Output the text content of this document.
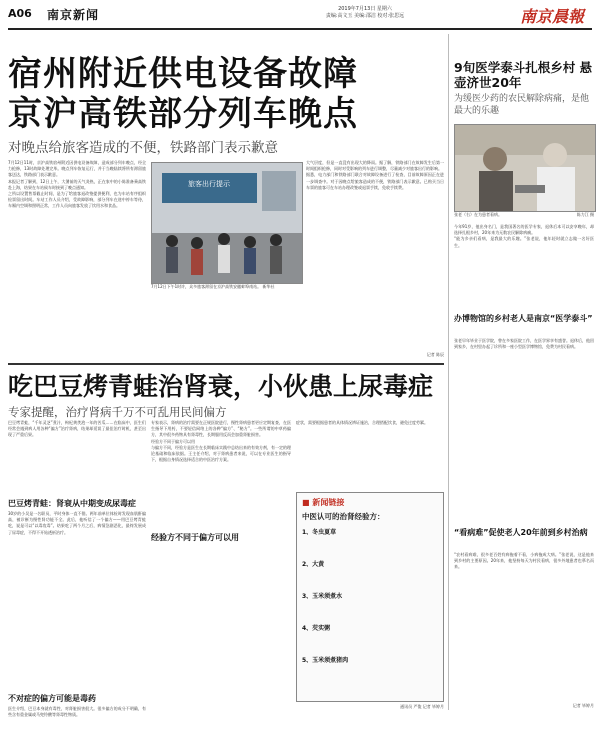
A06 南京新闻	2019年7月13日 星期六
责编:高文玉 美编:邵洁 校对:张思远	南京晨報
宿州附近供电设备故障
京沪高铁部分列车晚点
对晚点给旅客造成的不便，铁路部门表示歉意
7月12日11时，京沪高铁宿州附近因供电设备故障，造成部分列车晚点，经全力抢修，13时故障处理完毕。晚点列车恢复运行，并于当晚陆续将所有滞留旅客送达，铁路部门表示歉意。
本报记者了解到，12日上午，大暑前的天气炎热，正在家中的小陈准备乘高铁赴上海，结果在车站候车时接到了晚点通知。
之所以设置售票截止时间，是为了给旅客退改签提供便利，也为车站有序组织检票留出时间。车站工作人员介绍，受故障影响，部分列车在途中停车等待，车厢内空调和照明正常，工作人员向旅客发放了饮用水和食品。
旅客出行提示
7月12日下午1时许，众多旅客滞留在京沪高铁安徽蚌埠南站。 新华社
大气层度，但是一直没有出现大的降雨。据了解，铁路部门在故障发生后第一时间组织抢修，同时对受影响的列车进行调整，尽量减少对旅客出行的影响。
据悉，电力部门和铁路部门联合对故障设备进行了检查，目前故障原因正在进一步调查中。对于因晚点给旅客造成的不便，铁路部门表示歉意。已购买当日车票的旅客可在车站办理改签或退票手续，免收手续费。
记者 陈辰
吃巴豆烤青蛙治肾衰，小伙患上尿毒症
专家提醒，治疗肾病千万不可乱用民间偏方
巴豆烤青蛙，“千年灵芝”煮汁，枸杞黄芪泡一年的苦瓜……在临床中，医生们经常会遇到病人用各种“偏方”治疗肾病，结果却延误了最佳治疗时机，甚至出现了严重后果。
巴豆烤青蛙：肾衰从中期变成尿毒症
30岁的小吴是一名职员，平时身体一直不错。两年前单位体检时发现血肌酐偏高，被诊断为慢性肾功能不全。此后，他听信了一个偏方——用巴豆烤青蛙吃，说是可以“以毒攻毒”。结果吃了两个月之后，病情急剧恶化，最终发展成了尿毒症，不得不开始透析治疗。
不对症的偏方可能是毒药
医生介绍，巴豆本身就有毒性，对肾脏损害很大。很多偏方的成分不明确，有些含有重金属或马兜铃酸等肾毒性物质。
专家表示，肾病的治疗需要在正规医院进行，慢性肾病患者更应定期复查，在医生指导下用药，不要轻信网络上的各种“偏方”、“秘方”。一些所谓的中草药偏方，其中很多药物具有肾毒性，长期服用反而会加重肾脏损害。
经验方不同于偏方可以用
与偏方不同，经验方是医生在长期临床实践中总结出来的有效方剂，有一定的理论基础和临床依据。王主任介绍，对于肾病患者来说，可以在专业医生的指导下，根据自身情况选择适合的中医治疗方案。
经验方不同于偏方可以用
症状，需要根据患者的具体情况辨证施治，合理搭配饮食，避免过度劳累。
■ 新闻链接
中医认可的治肾经验方：
1、冬虫夏草
2、大黄
3、玉米须煮水
4、芡实粥
5、玉米须煮猪肉
通讯员 严俊 记者 毕婷月
9旬医学泰斗扎根乡村 悬壶济世20年
为缓医少药的农民解除病痛，是他最大的乐趣
张老（右）在为患者看病。	陈力江 摄
今年91岁，他出身名门，是我国著名的医学专家，退休后本可以安享晚年，却选择扎根乡村，20年来为无数农民解除病痛。
“能为乡亲们看病，是我最大的乐趣。”张老说，他年轻时就立志做一名好医生。
办博物馆的乡村老人是南京“医学泰斗”
张老早年毕业于医学院，曾在多家医院工作，在医学界享有盛誉。退休后，他回到家乡，在村里办起了诊所和一座小型医学博物馆，免费为村民看病。
“看病难”促使老人20年前到乡村治病
“农村看病难，很多老百姓有病拖着不看，小病拖成大病。”张老说，这是他来到乡村的主要原因。20年来，他坚持每天为村民看病，很多外地患者也慕名而来。
记者 毕婷月
